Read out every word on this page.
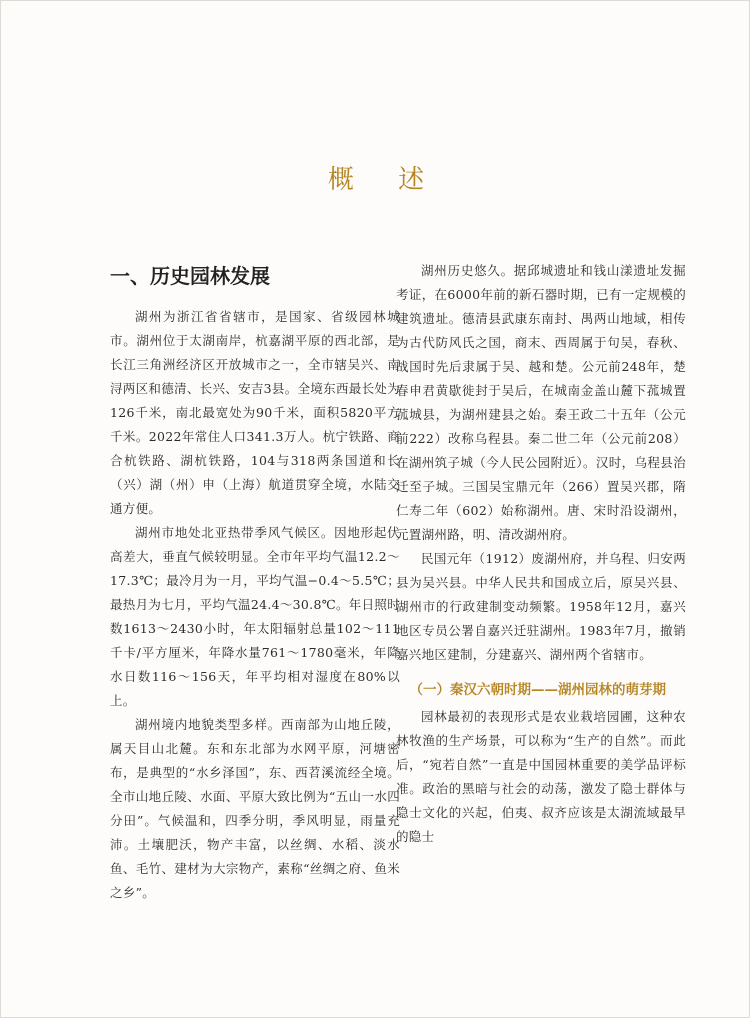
概 述
一、历史园林发展

湖州为浙江省省辖市，是国家、省级园林城市。湖州位于太湖南岸，杭嘉湖平原的西北部，是长江三角洲经济区开放城市之一，全市辖吴兴、南浔两区和德清、长兴、安吉3县。全境东西最长处为126千米，南北最宽处为90千米，面积5820平方千米。2022年常住人口341.3万人。杭宁铁路、商合杭铁路、湖杭铁路，104与318两条国道和长（兴）湖（州）申（上海）航道贯穿全境，水陆交通方便。

湖州市地处北亚热带季风气候区。因地形起伏高差大，垂直气候较明显。全市年平均气温12.2～17.3℃；最冷月为一月，平均气温−0.4～5.5℃；最热月为七月，平均气温24.4～30.8℃。年日照时数1613～2430小时，年太阳辐射总量102～111千卡/平方厘米，年降水量761～1780毫米，年降水日数116～156天，年平均相对湿度在80%以上。

湖州境内地貌类型多样。西南部为山地丘陵，属天目山北麓。东和东北部为水网平原，河塘密布，是典型的“水乡泽国”，东、西苕溪流经全境。全市山地丘陵、水面、平原大致比例为“五山一水四分田”。气候温和，四季分明，季风明显，雨量充沛。土壤肥沃，物产丰富，以丝绸、水稻、淡水鱼、毛竹、建材为大宗物产，素称“丝绸之府、鱼米之乡”。

湖州历史悠久。据邱城遗址和钱山漾遗址发掘考证，在6000年前的新石器时期，已有一定规模的建筑遗址。德清县武康东南封、禺两山地域，相传为古代防风氏之国，商末、西周属于句吴，春秋、战国时先后隶属于吴、越和楚。公元前248年，楚春申君黄歇徙封于吴后，在城南金盖山麓下菰城置菰城县，为湖州建县之始。秦王政二十五年（公元前222）改称乌程县。秦二世二年（公元前208）在湖州筑子城（今人民公园附近）。汉时，乌程县治迁至子城。三国吴宝鼎元年（266）置吴兴郡，隋仁寿二年（602）始称湖州。唐、宋时沿设湖州，元置湖州路，明、清改湖州府。

民国元年（1912）废湖州府，并乌程、归安两县为吴兴县。中华人民共和国成立后，原吴兴县、湖州市的行政建制变动频繁。1958年12月，嘉兴地区专员公署自嘉兴迁驻湖州。1983年7月，撤销嘉兴地区建制，分建嘉兴、湖州两个省辖市。

（一）秦汉六朝时期——湖州园林的萌芽期

园林最初的表现形式是农业栽培园圃，这种农林牧渔的生产场景，可以称为“生产的自然”。而此后，“宛若自然”一直是中国园林重要的美学品评标准。政治的黑暗与社会的动荡，激发了隐士群体与隐士文化的兴起，伯夷、叔齐应该是太湖流域最早的隐士
